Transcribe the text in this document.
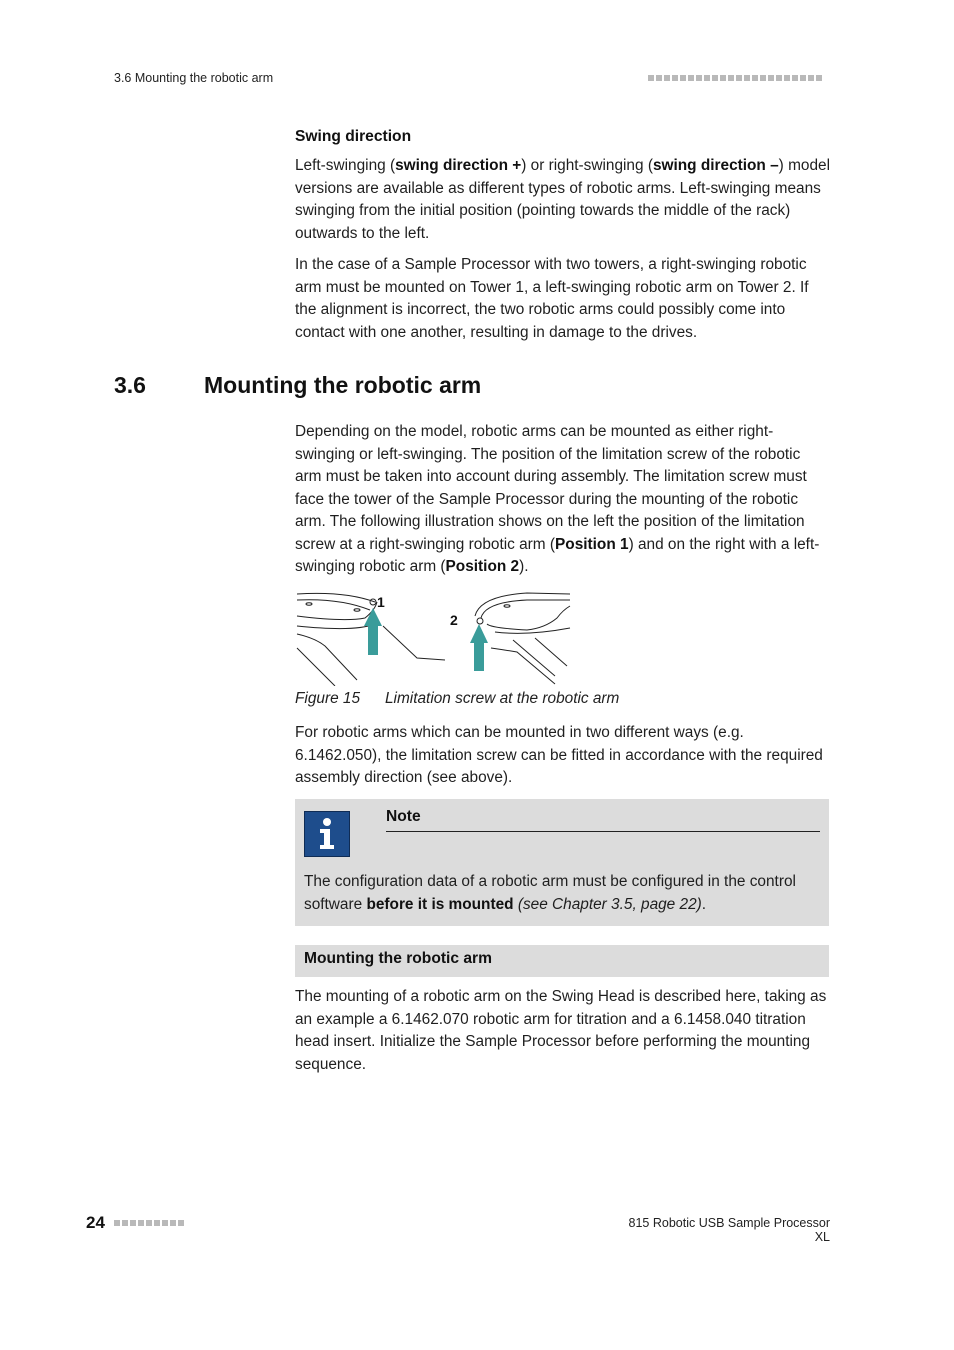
3.6 Mounting the robotic arm
Swing direction
Left-swinging (swing direction +) or right-swinging (swing direction –) model versions are available as different types of robotic arms. Left-swinging means swinging from the initial position (pointing towards the middle of the rack) outwards to the left.
In the case of a Sample Processor with two towers, a right-swinging robotic arm must be mounted on Tower 1, a left-swinging robotic arm on Tower 2. If the alignment is incorrect, the two robotic arms could possibly come into contact with one another, resulting in damage to the drives.
3.6	Mounting the robotic arm
Depending on the model, robotic arms can be mounted as either right-swinging or left-swinging. The position of the limitation screw of the robotic arm must be taken into account during assembly. The limitation screw must face the tower of the Sample Processor during the mounting of the robotic arm. The following illustration shows on the left the position of the limitation screw at a right-swinging robotic arm (Position 1) and on the right with a left-swinging robotic arm (Position 2).
1
2
Figure 15 Limitation screw at the robotic arm
For robotic arms which can be mounted in two different ways (e.g. 6.1462.050), the limitation screw can be fitted in accordance with the required assembly direction (see above).
Note
The configuration data of a robotic arm must be configured in the control software before it is mounted (see Chapter 3.5, page 22).
Mounting the robotic arm
The mounting of a robotic arm on the Swing Head is described here, taking as an example a 6.1462.070 robotic arm for titration and a 6.1458.040 titration head insert. Initialize the Sample Processor before performing the mounting sequence.
24	815 Robotic USB Sample Processor XL
